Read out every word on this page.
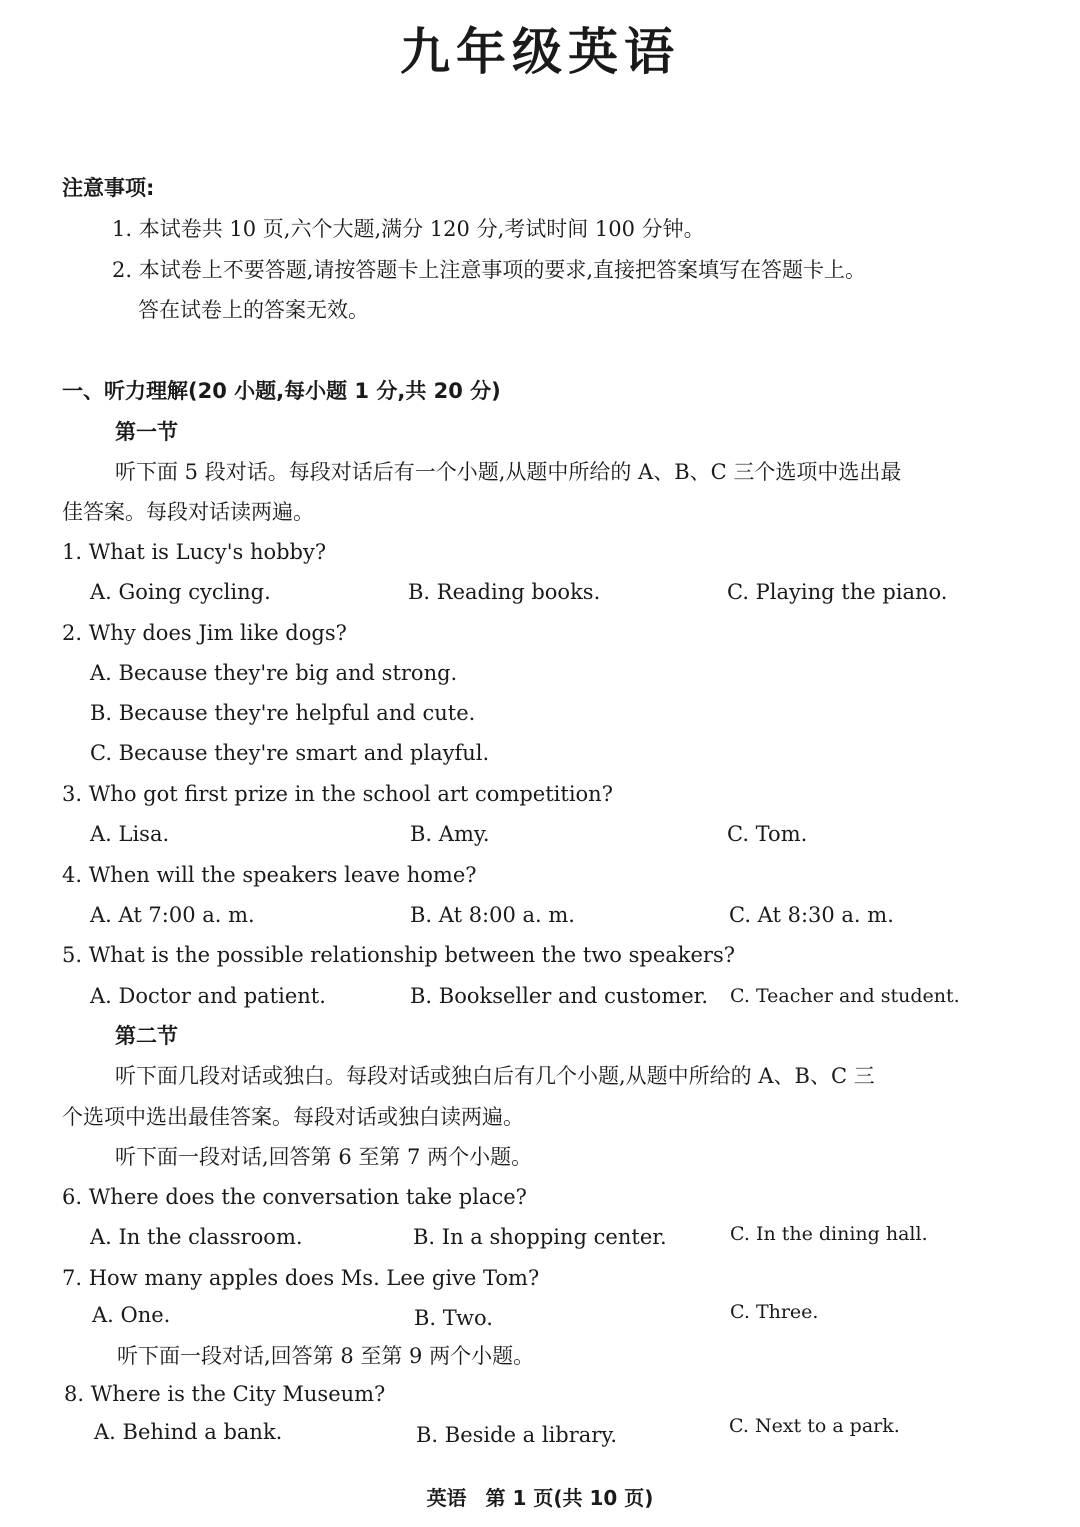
九年级英语
注意事项:
1. 本试卷共 10 页,六个大题,满分 120 分,考试时间 100 分钟。
2. 本试卷上不要答题,请按答题卡上注意事项的要求,直接把答案填写在答题卡上。
答在试卷上的答案无效。
一、听力理解(20 小题,每小题 1 分,共 20 分)
第一节
听下面 5 段对话。每段对话后有一个小题,从题中所给的 A、B、C 三个选项中选出最
佳答案。每段对话读两遍。
1. What is Lucy's hobby?
A. Going cycling.	B. Reading books.	C. Playing the piano.
2. Why does Jim like dogs?
A. Because they're big and strong.
B. Because they're helpful and cute.
C. Because they're smart and playful.
3. Who got first prize in the school art competition?
A. Lisa.	B. Amy.	C. Tom.
4. When will the speakers leave home?
A. At 7:00 a. m.	B. At 8:00 a. m.	C. At 8:30 a. m.
5. What is the possible relationship between the two speakers?
A. Doctor and patient.	B. Bookseller and customer. C. Teacher and student.
第二节
听下面几段对话或独白。每段对话或独白后有几个小题,从题中所给的 A、B、C 三
个选项中选出最佳答案。每段对话或独白读两遍。
听下面一段对话,回答第 6 至第 7 两个小题。
6. Where does the conversation take place?
A. In the classroom.	B. In a shopping center.	C. In the dining hall.
7. How many apples does Ms. Lee give Tom?
A. One.	B. Two.	C. Three.
听下面一段对话,回答第 8 至第 9 两个小题。
8. Where is the City Museum?
A. Behind a bank.	B. Beside a library.	C. Next to a park.
英语 第 1 页(共 10 页)
